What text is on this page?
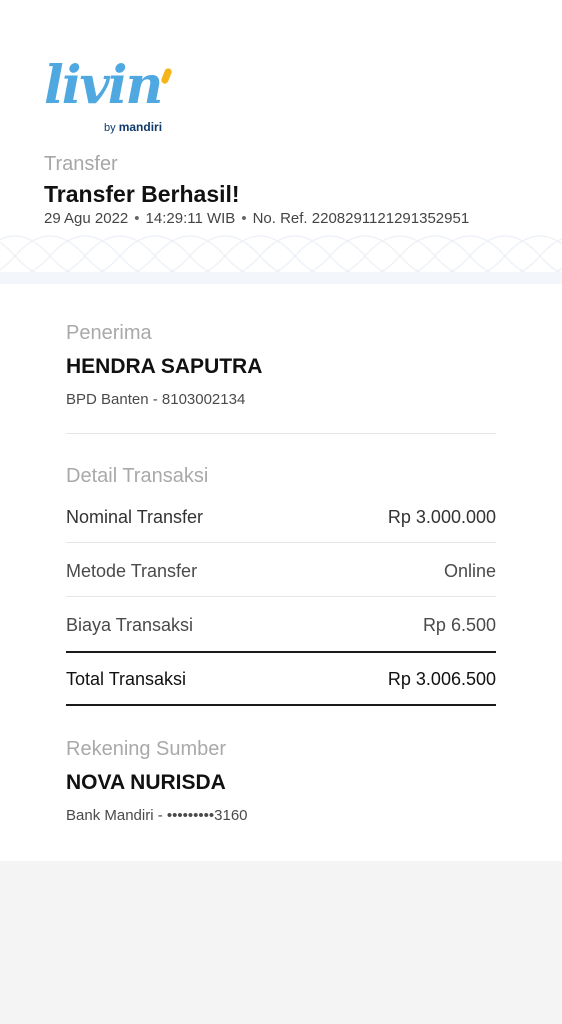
livin
by mandiri
Transfer
Transfer Berhasil!
29 Agu 2022 • 14:29:11 WIB • No. Ref. 2208291121291352951
Penerima
HENDRA SAPUTRA
BPD Banten - 8103002134
Detail Transaksi
Nominal Transfer	Rp 3.000.000
Metode Transfer	Online
Biaya Transaksi	Rp 6.500
Total Transaksi	Rp 3.006.500
Rekening Sumber
NOVA NURISDA
Bank Mandiri - •••••••••3160
